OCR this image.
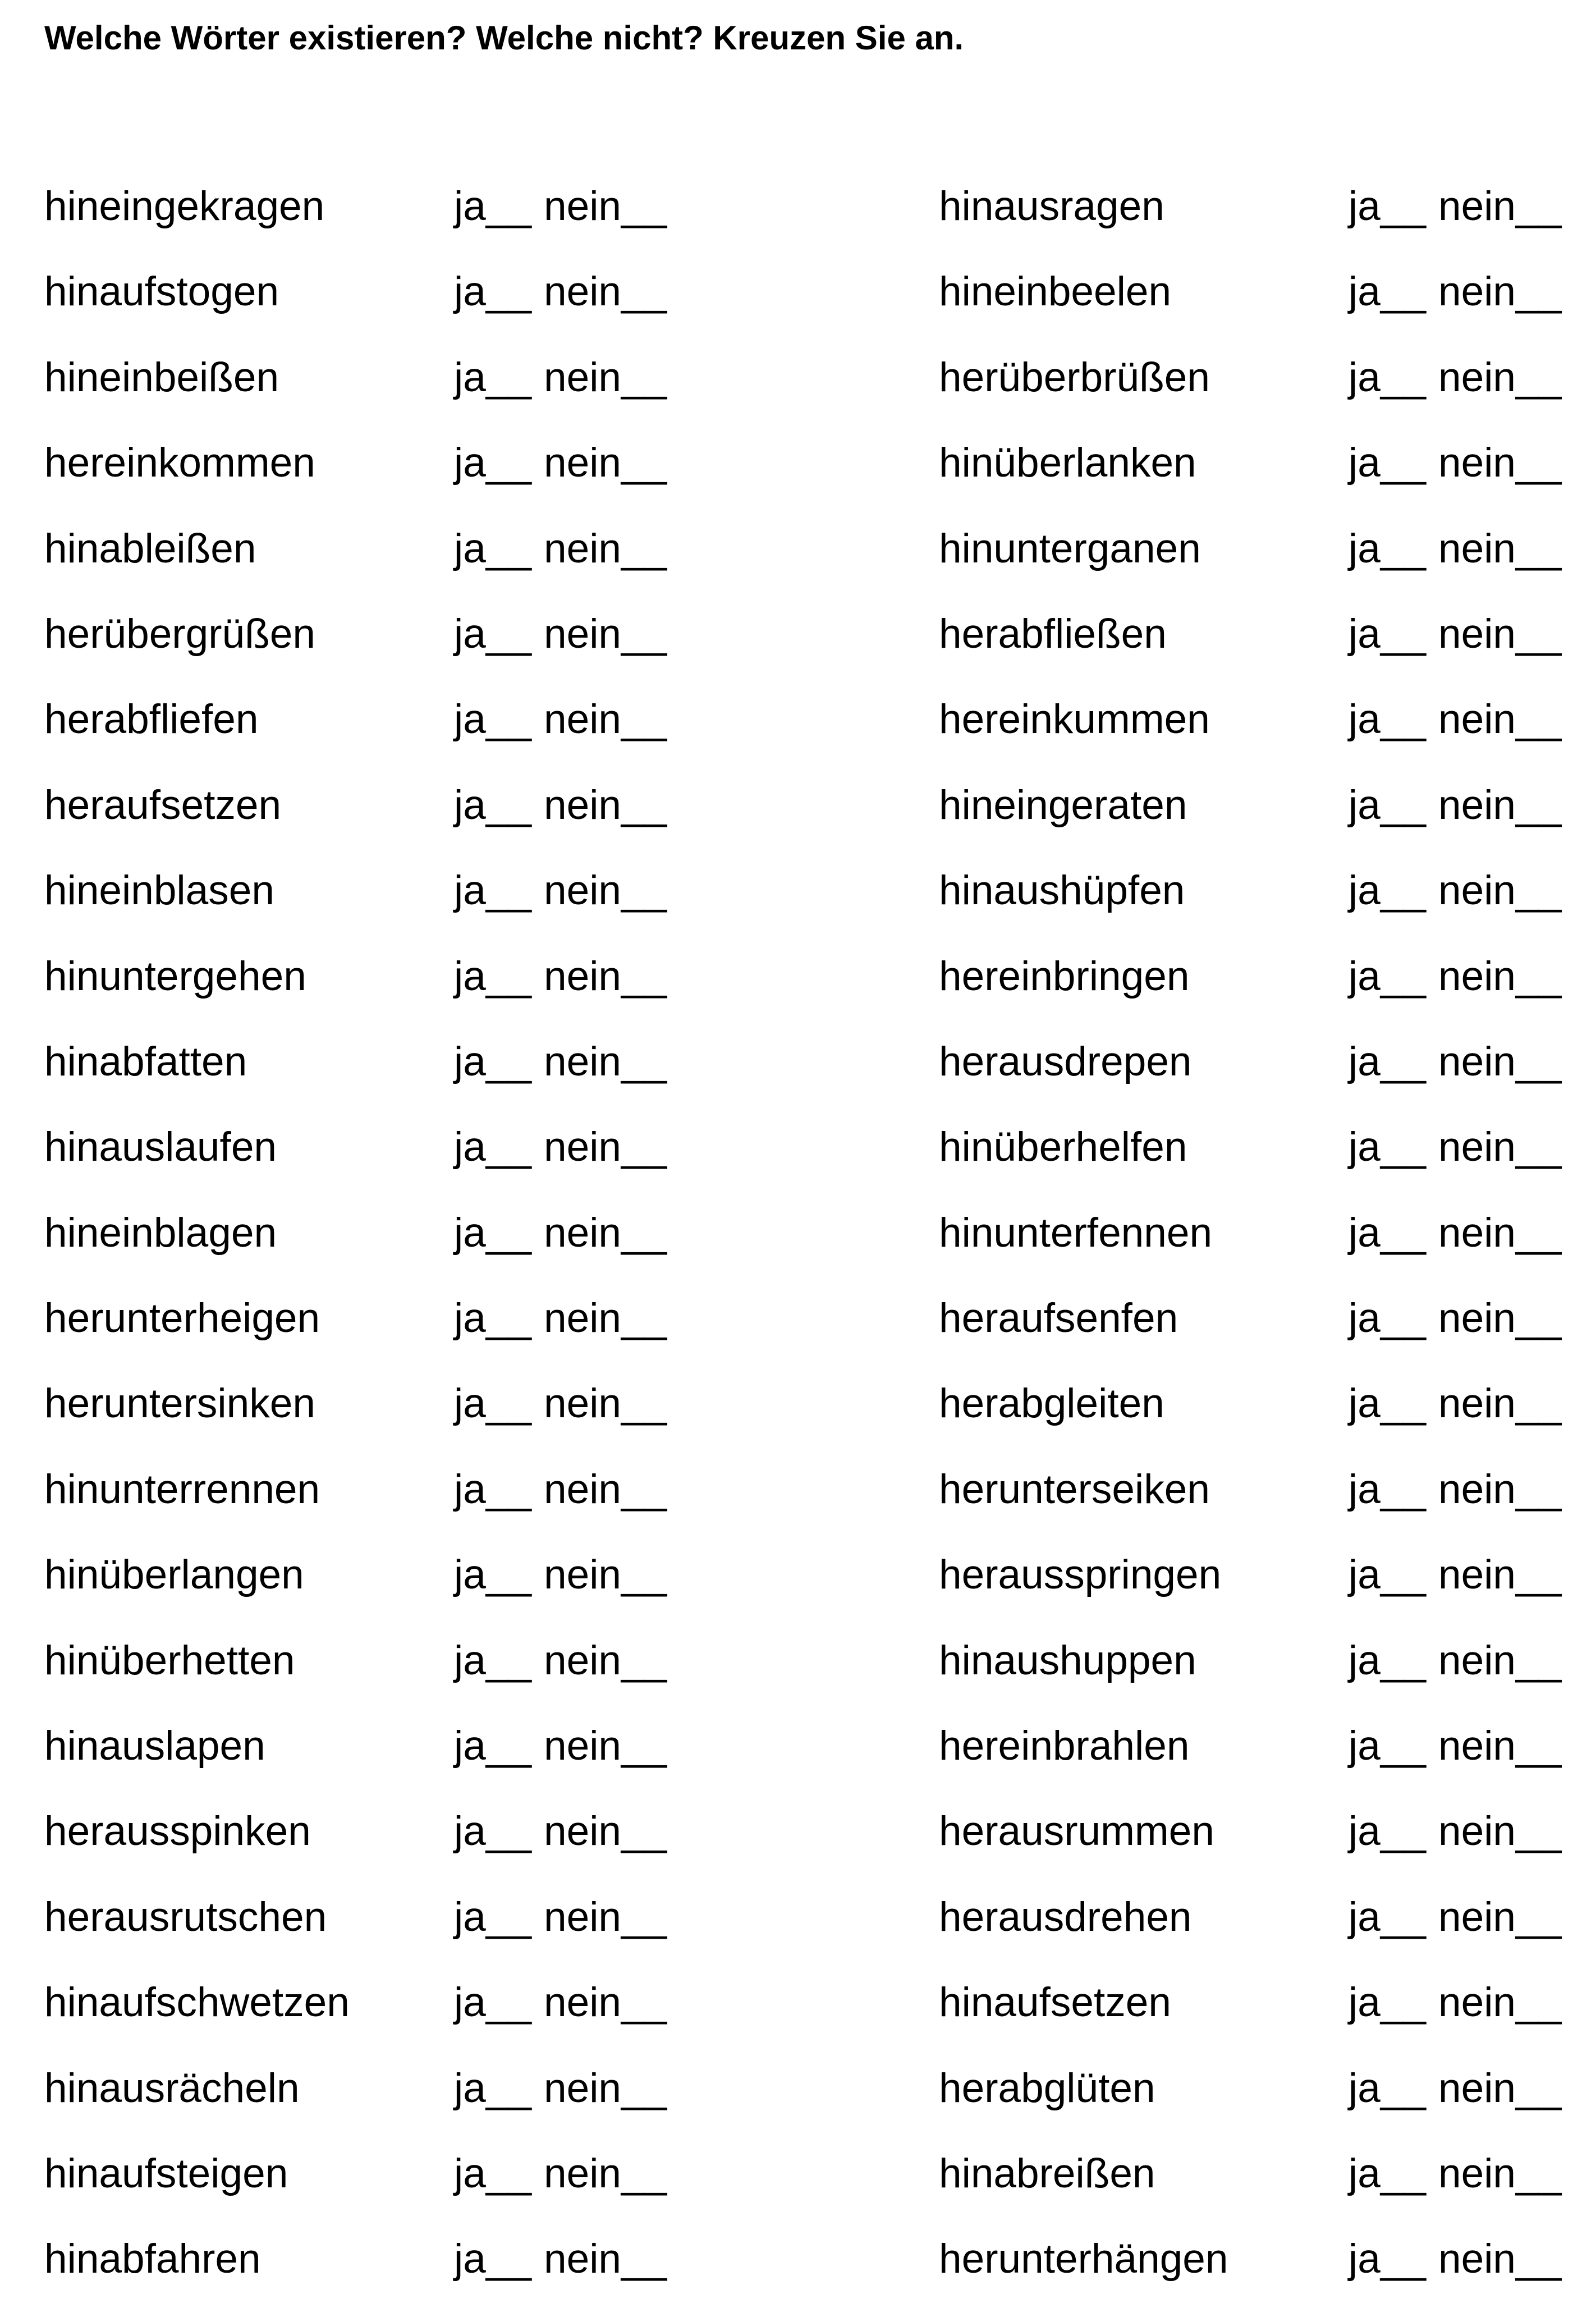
Welche Wörter existieren? Welche nicht? Kreuzen Sie an.
hineingekragen	ja__ nein__
hinaufstogen	ja__ nein__
hineinbeißen	ja__ nein__
hereinkommen	ja__ nein__
hinableißen	ja__ nein__
herübergrüßen	ja__ nein__
herabfliefen	ja__ nein__
heraufsetzen	ja__ nein__
hineinblasen	ja__ nein__
hinuntergehen	ja__ nein__
hinabfatten	ja__ nein__
hinauslaufen	ja__ nein__
hineinblagen	ja__ nein__
herunterheigen	ja__ nein__
heruntersinken	ja__ nein__
hinunterrennen	ja__ nein__
hinüberlangen	ja__ nein__
hinüberhetten	ja__ nein__
hinauslapen	ja__ nein__
herausspinken	ja__ nein__
herausrutschen	ja__ nein__
hinaufschwetzen	ja__ nein__
hinausrächeln	ja__ nein__
hinaufsteigen	ja__ nein__
hinabfahren	ja__ nein__
hinausragen	ja__ nein__
hineinbeelen	ja__ nein__
herüberbrüßen	ja__ nein__
hinüberlanken	ja__ nein__
hinunterganen	ja__ nein__
herabfließen	ja__ nein__
hereinkummen	ja__ nein__
hineingeraten	ja__ nein__
hinaushüpfen	ja__ nein__
hereinbringen	ja__ nein__
herausdrepen	ja__ nein__
hinüberhelfen	ja__ nein__
hinunterfennen	ja__ nein__
heraufsenfen	ja__ nein__
herabgleiten	ja__ nein__
herunterseiken	ja__ nein__
herausspringen	ja__ nein__
hinaushuppen	ja__ nein__
hereinbrahlen	ja__ nein__
herausrummen	ja__ nein__
herausdrehen	ja__ nein__
hinaufsetzen	ja__ nein__
herabglüten	ja__ nein__
hinabreißen	ja__ nein__
herunterhängen	ja__ nein__
